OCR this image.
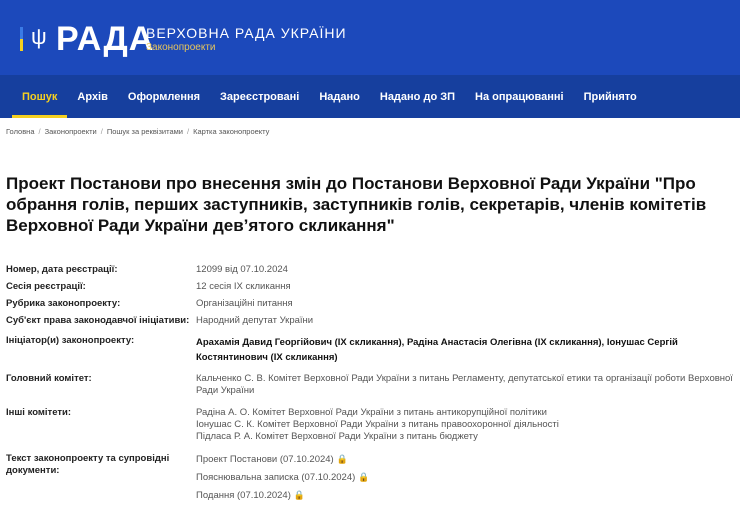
ψ РАДА
ВЕРХОВНА РАДА УКРАЇНИ
Законопроекти
Пошук	Архів	Оформлення	Зареєстровані	Надано	Надано до ЗП	На опрацюванні	Прийнято
Головна / Законопроекти / Пошук за реквізитами / Картка законопроекту
Проект Постанови про внесення змін до Постанови Верховної Ради України "Про обрання голів, перших заступників, заступників голів, секретарів, членів комітетів Верховної Ради України дев’ятого скликання"
Номер, дата реєстрації:	12099 від 07.10.2024
Сесія реєстрації:	12 сесія IX скликання
Рубрика законопроекту:	Організаційні питання
Суб'єкт права законодавчої ініціативи: Народний депутат України
Ініціатор(и) законопроекту:	Арахамія Давид Георгійович (IX скликання), Радіна Анастасія Олегівна (IX скликання), Іонушас Сергій Костянтинович (IX скликання)
Головний комітет:	Кальченко С. В. Комітет Верховної Ради України з питань Регламенту, депутатської етики та організації роботи Верховної Ради України
Інші комітети:	Радіна А. О. Комітет Верховної Ради України з питань антикорупційної політики
Іонушас С. К. Комітет Верховної Ради України з питань правоохоронної діяльності
Підласа Р. А. Комітет Верховної Ради України з питань бюджету
Текст законопроекту та супровідні документи:
Проект Постанови (07.10.2024) 🔒
Пояснювальна записка (07.10.2024) 🔒
Подання (07.10.2024) 🔒
